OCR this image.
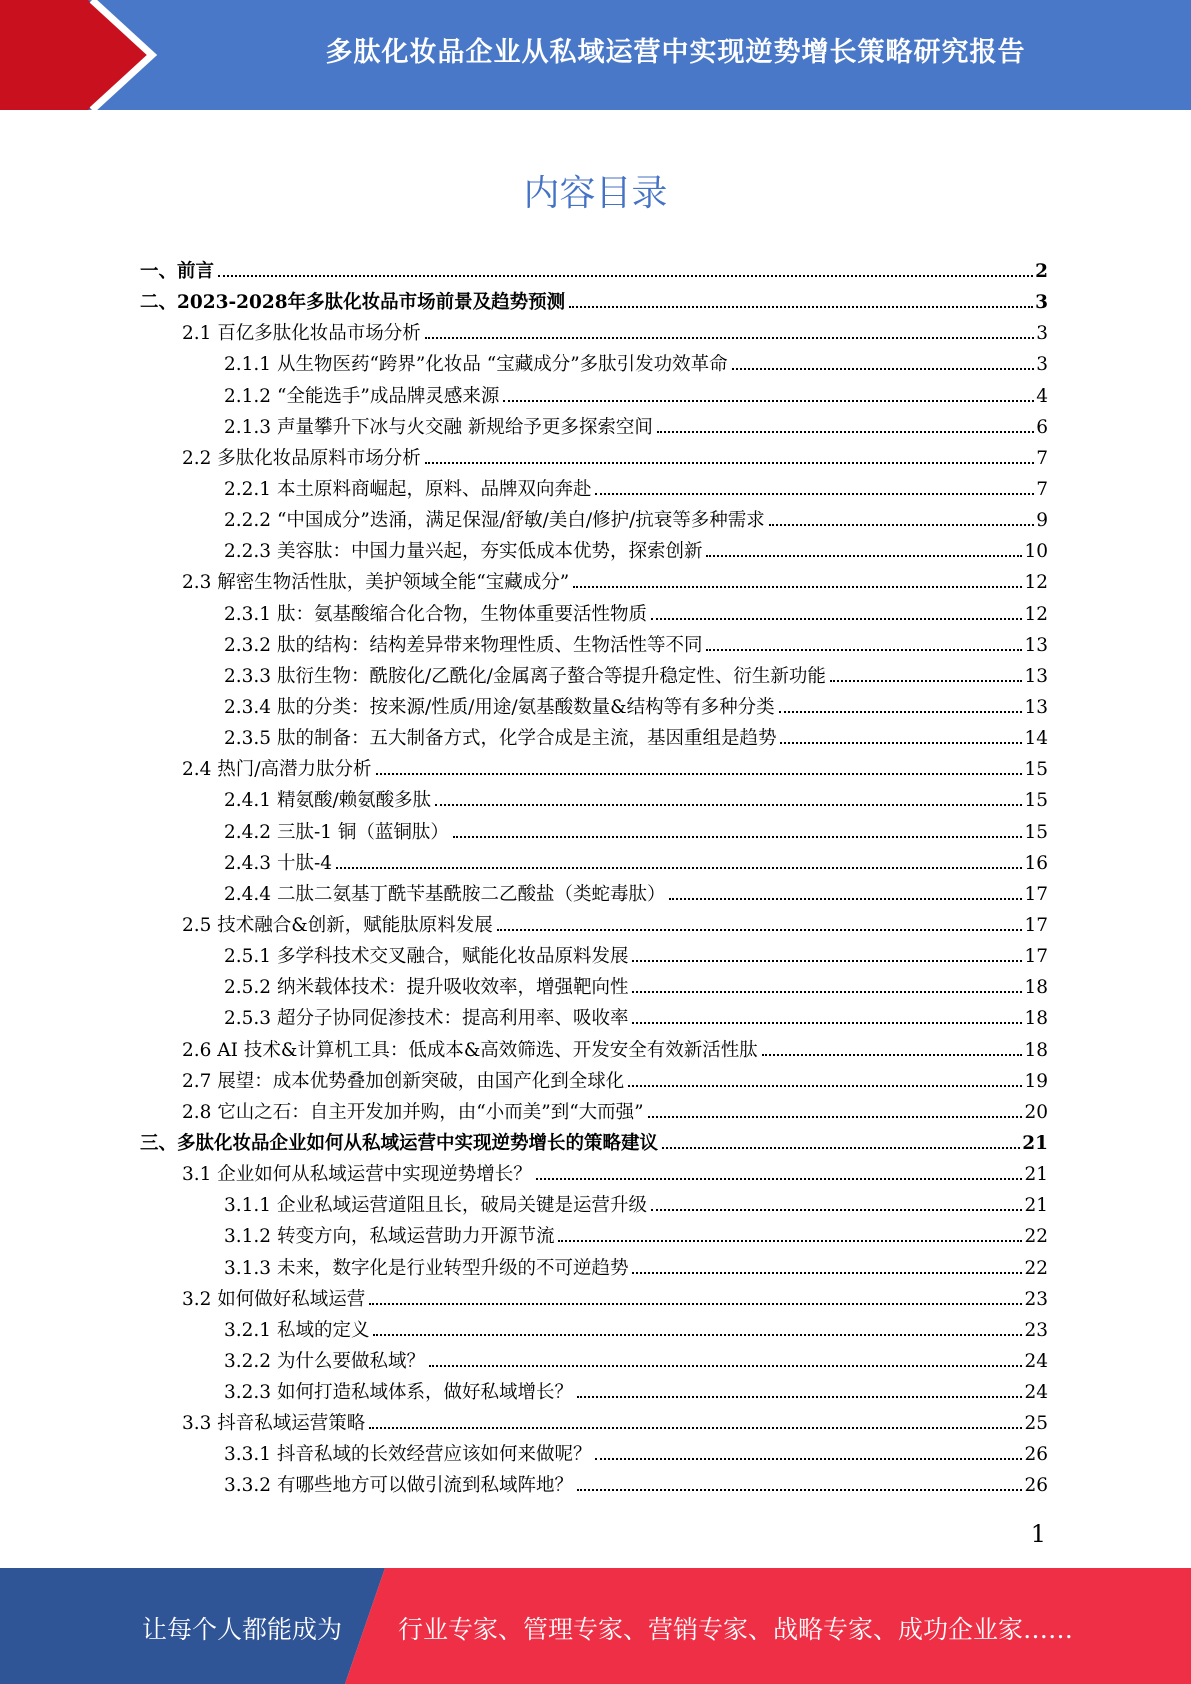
多肽化妆品企业从私域运营中实现逆势增长策略研究报告
内容目录
一、前言	2
二、2023-2028年多肽化妆品市场前景及趋势预测	3
2.1 百亿多肽化妆品市场分析	3
2.1.1 从生物医药“跨界”化妆品 “宝藏成分”多肽引发功效革命	3
2.1.2 “全能选手”成品牌灵感来源	4
2.1.3 声量攀升下冰与火交融 新规给予更多探索空间	6
2.2 多肽化妆品原料市场分析	7
2.2.1 本土原料商崛起，原料、品牌双向奔赴	7
2.2.2 “中国成分”迭涌，满足保湿/舒敏/美白/修护/抗衰等多种需求	9
2.2.3 美容肽：中国力量兴起，夯实低成本优势，探索创新	10
2.3 解密生物活性肽，美护领域全能“宝藏成分”	12
2.3.1 肽：氨基酸缩合化合物，生物体重要活性物质	12
2.3.2 肽的结构：结构差异带来物理性质、生物活性等不同	13
2.3.3 肽衍生物：酰胺化/乙酰化/金属离子螯合等提升稳定性、衍生新功能	13
2.3.4 肽的分类：按来源/性质/用途/氨基酸数量&结构等有多种分类	13
2.3.5 肽的制备：五大制备方式，化学合成是主流，基因重组是趋势	14
2.4 热门/高潜力肽分析	15
2.4.1 精氨酸/赖氨酸多肽	15
2.4.2 三肽-1 铜（蓝铜肽）	15
2.4.3 十肽-4	16
2.4.4 二肽二氨基丁酰苄基酰胺二乙酸盐（类蛇毒肽）	17
2.5 技术融合&创新，赋能肽原料发展	17
2.5.1 多学科技术交叉融合，赋能化妆品原料发展	17
2.5.2 纳米载体技术：提升吸收效率，增强靶向性	18
2.5.3 超分子协同促渗技术：提高利用率、吸收率	18
2.6 AI 技术&计算机工具：低成本&高效筛选、开发安全有效新活性肽	18
2.7 展望：成本优势叠加创新突破，由国产化到全球化	19
2.8 它山之石：自主开发加并购，由“小而美”到“大而强”	20
三、多肽化妆品企业如何从私域运营中实现逆势增长的策略建议	21
3.1 企业如何从私域运营中实现逆势增长？	21
3.1.1 企业私域运营道阻且长，破局关键是运营升级	21
3.1.2 转变方向，私域运营助力开源节流	22
3.1.3 未来，数字化是行业转型升级的不可逆趋势	22
3.2 如何做好私域运营	23
3.2.1 私域的定义	23
3.2.2 为什么要做私域？	24
3.2.3 如何打造私域体系，做好私域增长？	24
3.3 抖音私域运营策略	25
3.3.1 抖音私域的长效经营应该如何来做呢？	26
3.3.2 有哪些地方可以做引流到私域阵地？	26
1
让每个人都能成为 行业专家、管理专家、营销专家、战略专家、成功企业家……
